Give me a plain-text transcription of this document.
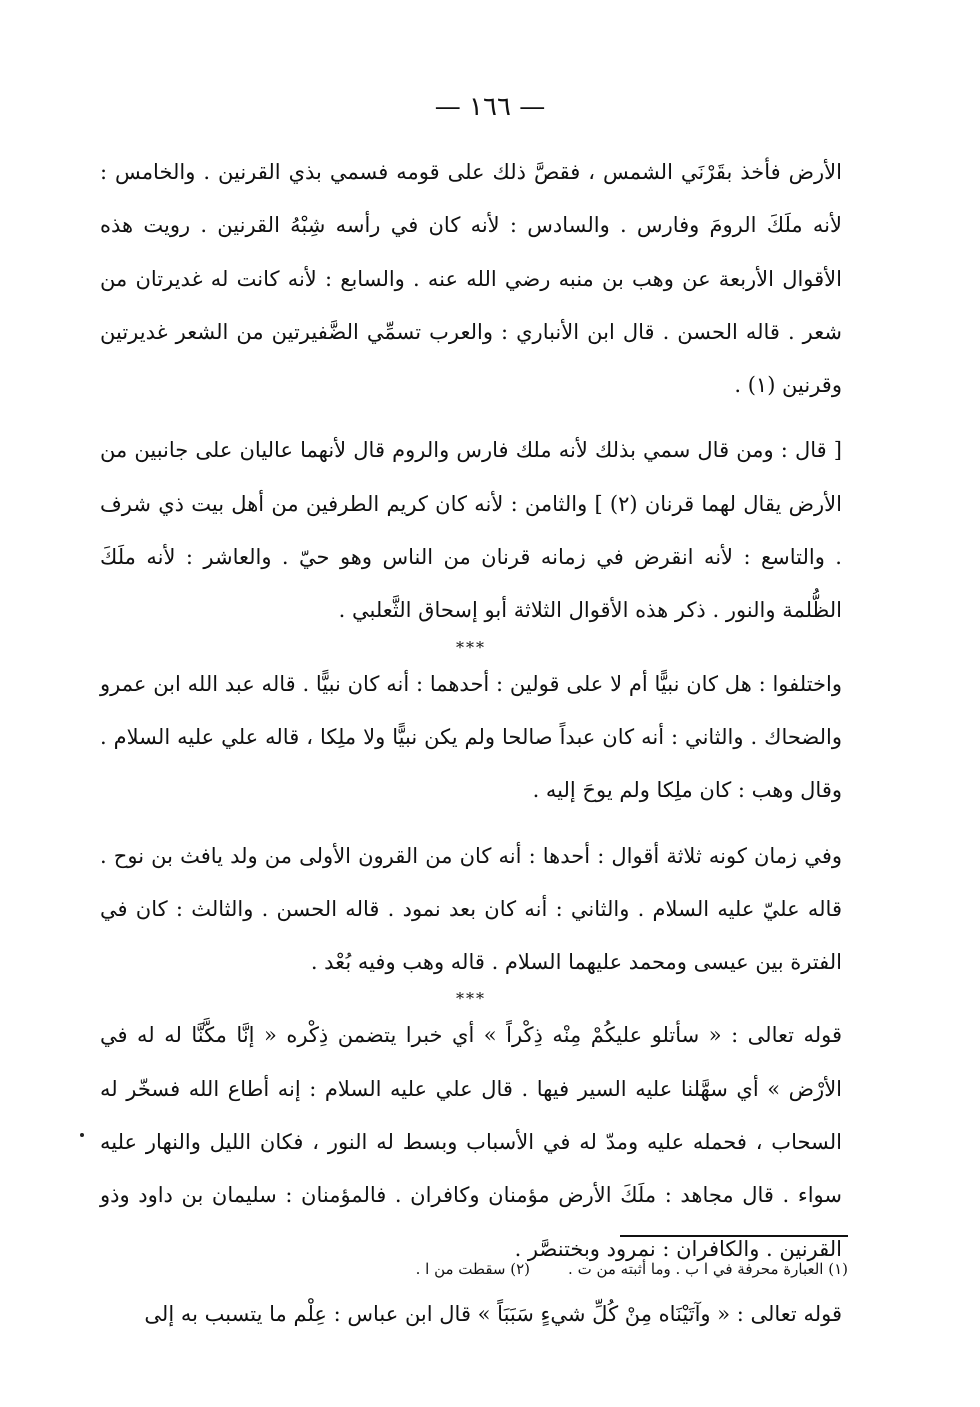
— ١٦٦ —

الأرض فأخذ بقَرْنَي الشمس ، فقصَّ ذلك على قومه فسمي بذي القرنين . والخامس : لأنه ملَكَ الرومَ وفارس . والسادس : لأنه كان في رأسه شِبْهُ القرنين . رويت هذه الأقوال الأربعة عن وهب بن منبه رضي الله عنه . والسابع : لأنه كانت له غديرتان من شعر . قاله الحسن . قال ابن الأنباري : والعرب تسمِّي الضَّفيرتين من الشعر غديرتين وقرنين (١) .

[ قال : ومن قال سمي بذلك لأنه ملك فارس والروم قال لأنهما عاليان على جانبين من الأرض يقال لهما قرنان (٢) ] والثامن : لأنه كان كريم الطرفين من أهل بيت ذي شرف . والتاسع : لأنه انقرض في زمانه قرنان من الناس وهو حيّ . والعاشر : لأنه ملَكَ الظُّلمة والنور . ذكر هذه الأقوال الثلاثة أبو إسحاق الثَّعلبي .

***

واختلفوا : هل كان نبيًّا أم لا على قولين : أحدهما : أنه كان نبيًّا . قاله عبد الله ابن عمرو والضحاك . والثاني : أنه كان عبداً صالحا ولم يكن نبيًّا ولا ملِكا ، قاله علي عليه السلام . وقال وهب : كان ملِكا ولم يوحَ إليه .

وفي زمان كونه ثلاثة أقوال : أحدها : أنه كان من القرون الأولى من ولد يافث بن نوح . قاله عليّ عليه السلام . والثاني : أنه كان بعد نمود . قاله الحسن . والثالث : كان في الفترة بين عيسى ومحمد عليهما السلام . قاله وهب وفيه بُعْد .

***

قوله تعالى : « سأتلو عليكُمْ مِنْه ذِكْراً » أي خبرا يتضمن ذِكْره « إنَّا مكَّنَّا له له في الأرْض » أي سهَّلنا عليه السير فيها . قال علي عليه السلام : إنه أطاع الله فسخّر له السحاب ، فحمله عليه ومدّ له في الأسباب وبسط له النور ، فكان الليل والنهار عليه سواء . قال مجاهد : ملَكَ الأرض مؤمنان وكافران . فالمؤمنان : سليمان بن داود وذو القرنين . والكافران : نمرود وبختنصَّر .

قوله تعالى : « وآتَيْنَاه مِنْ كُلِّ شيءٍ سَبَبَاً » قال ابن عباس : عِلْم ما يتسبب به إلى

(١) العبارة محرفة في ا ب . وما أثبته من ت .(٢) سقطت من ا .
